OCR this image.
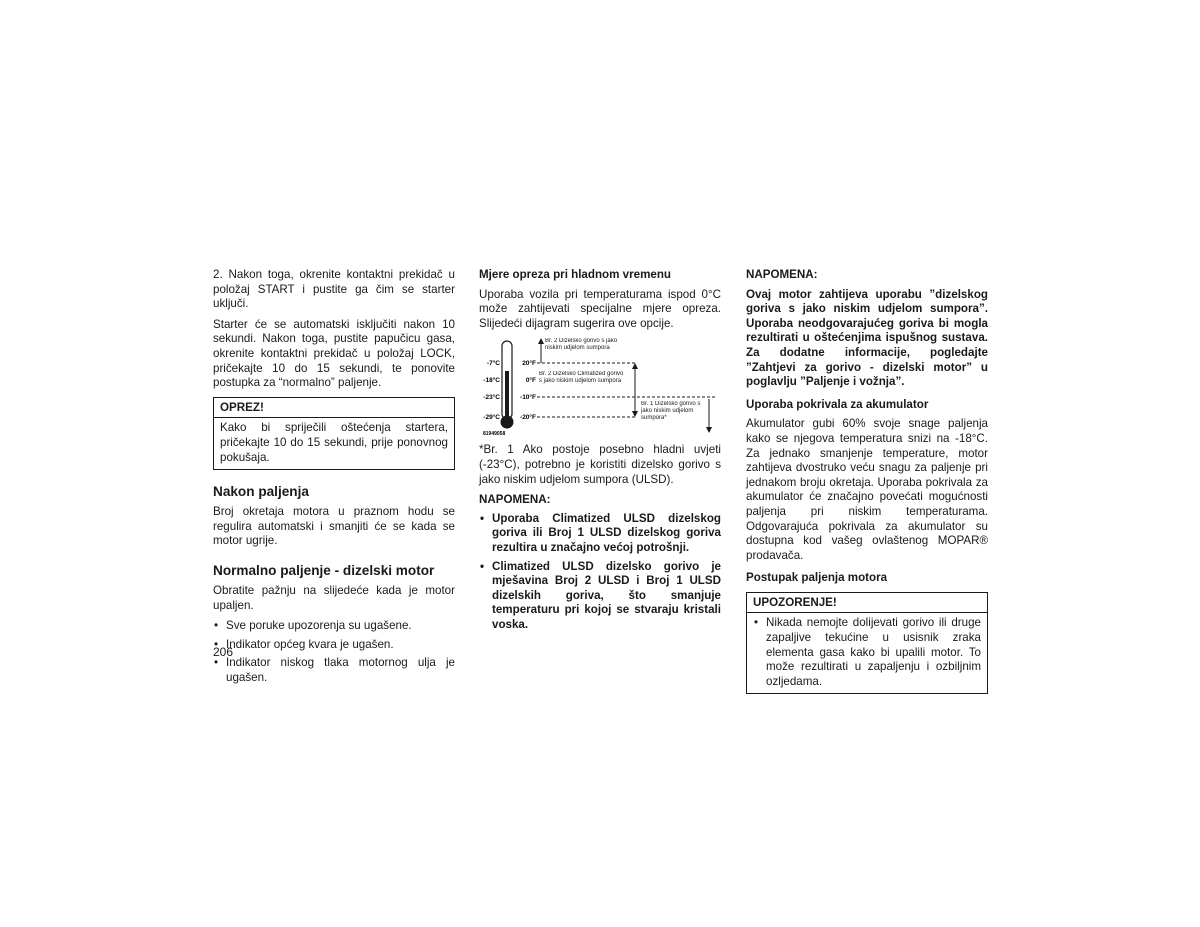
2. Nakon toga, okrenite kontaktni prekidač u položaj START i pustite ga čim se starter uključi.

Starter će se automatski isključiti nakon 10 sekundi. Nakon toga, pustite papučicu gasa, okrenite kontaktni prekidač u položaj LOCK, pričekajte 10 do 15 sekundi, te ponovite postupka za “normalno” paljenje.

OPREZ!
Kako bi spriječili oštećenja startera, pričekajte 10 do 15 sekundi, prije ponovnog pokušaja.
Nakon paljenja

Broj okretaja motora u praznom hodu se regulira automatski i smanjiti će se kada se motor ugrije.

Normalno paljenje - dizelski motor

Obratite pažnju na slijedeće kada je motor upaljen.

• Sve poruke upozorenja su ugašene.
• Indikator općeg kvara je ugašen.
• Indikator niskog tlaka motornog ulja je ugašen.
206
Mjere opreza pri hladnom vremenu

Uporaba vozila pri temperaturama ispod 0°C može zahtijevati specijalne mjere opreza. Slijedeći dijagram sugerira ove opcije.

-7°C
-18°C
-23°C
-29°C
20°F
0°F
-10°F
-20°F
Br. 2 Dizelsko gorivo s jako niskim udjelom sumpora
Br. 2 Dizelsko Climatized gorivo s jako niskim udjelom sumpora
Br. 1 Dizelsko gorivo s jako niskim udjelom sumpora*
81949058

*Br. 1 Ako postoje posebno hladni uvjeti (-23°C), potrebno je koristiti dizelsko gorivo s jako niskim udjelom sumpora (ULSD).

NAPOMENA:
• Uporaba Climatized ULSD dizelskog goriva ili Broj 1 ULSD dizelskog goriva rezultira u značajno većoj potrošnji.
• Climatized ULSD dizelsko gorivo je mješavina Broj 2 ULSD i Broj 1 ULSD dizelskih goriva, što smanjuje temperaturu pri kojoj se stvaraju kristali voska.
NAPOMENA:

Ovaj motor zahtijeva uporabu ”dizelskog goriva s jako niskim udjelom sumpora”. Uporaba neodgovarajućeg goriva bi mogla rezultirati u oštećenjima ispušnog sustava. Za dodatne informacije, pogledajte ”Zahtjevi za gorivo - dizelski motor” u poglavlju ”Paljenje i vožnja”.

Uporaba pokrivala za akumulator

Akumulator gubi 60% svoje snage paljenja kako se njegova temperatura snizi na -18°C. Za jednako smanjenje temperature, motor zahtijeva dvostruko veću snagu za paljenje pri jednakom broju okretaja. Uporaba pokrivala za akumulator će značajno povećati mogućnosti paljenja pri niskim temperaturama. Odgovarajuća pokrivala za akumulator su dostupna kod vašeg ovlaštenog MOPAR® prodavača.

Postupak paljenja motora
UPOZORENJE!
• Nikada nemojte dolijevati gorivo ili druge zapaljive tekućine u usisnik zraka elementa gasa kako bi upalili motor. To može rezultirati u zapaljenju i ozbiljnim ozljedama.
